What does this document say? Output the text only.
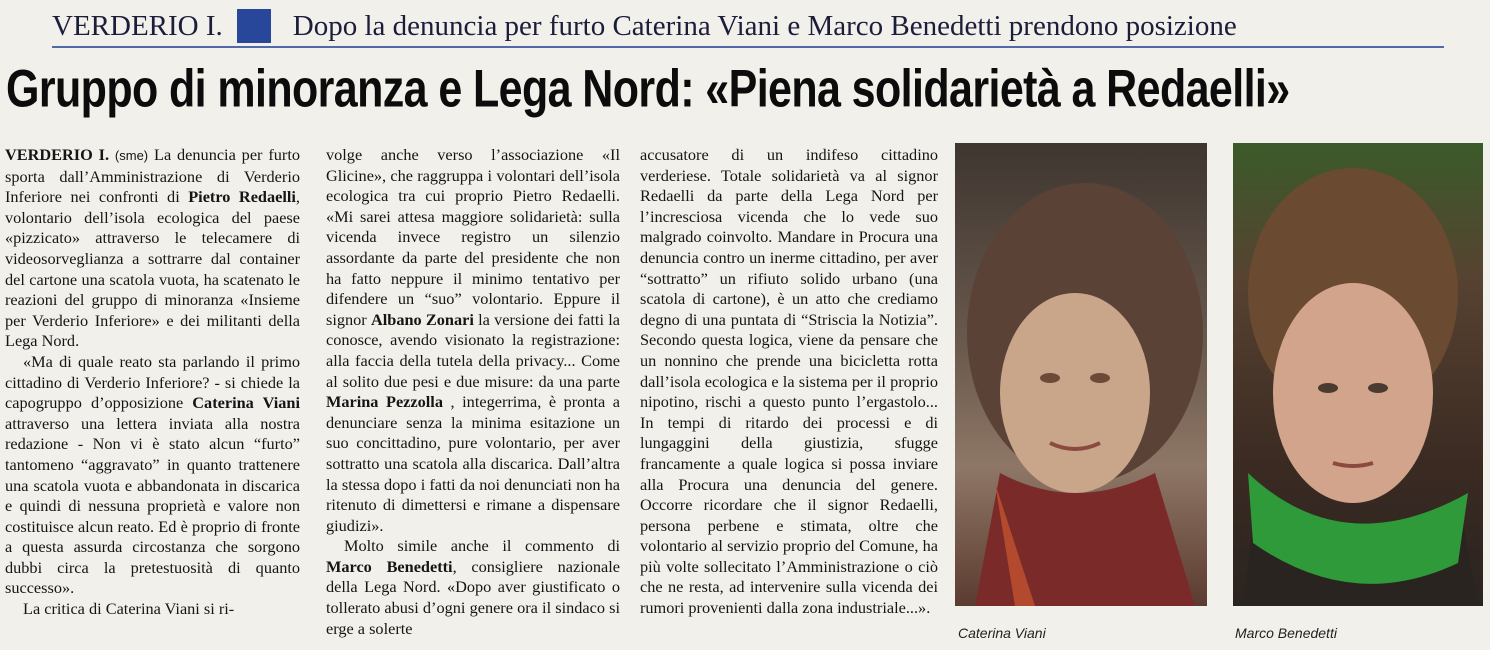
VERDERIO I. Dopo la denuncia per furto Caterina Viani e Marco Benedetti prendono posizione
Gruppo di minoranza e Lega Nord: «Piena solidarietà a Redaelli»

VERDERIO I. (sme) La denuncia per furto sporta dall’Amministrazione di Verderio Inferiore nei confronti di Pietro Redaelli, volontario dell’isola ecologica del paese «pizzicato» attraverso le telecamere di videosorveglianza a sottrarre dal container del cartone una scatola vuota, ha scatenato le reazioni del gruppo di minoranza «Insieme per Verderio Inferiore» e dei militanti della Lega Nord.

«Ma di quale reato sta parlando il primo cittadino di Verderio Inferiore? - si chiede la capogruppo d’opposizione Caterina Viani attraverso una lettera inviata alla nostra redazione - Non vi è stato alcun “furto” tantomeno “aggravato” in quanto trattenere una scatola vuota e abbandonata in discarica e quindi di nessuna proprietà e valore non costituisce alcun reato. Ed è proprio di fronte a questa assurda circostanza che sorgono dubbi circa la pretestuosità di quanto successo».

La critica di Caterina Viani si ri-

volge anche verso l’associazione «Il Glicine», che raggruppa i volontari dell’isola ecologica tra cui proprio Pietro Redaelli. «Mi sarei attesa maggiore solidarietà: sulla vicenda invece registro un silenzio assordante da parte del presidente che non ha fatto neppure il minimo tentativo per difendere un “suo” volontario. Eppure il signor Albano Zonari la versione dei fatti la conosce, avendo visionato la registrazione: alla faccia della tutela della privacy... Come al solito due pesi e due misure: da una parte Marina Pezzolla , integerrima, è pronta a denunciare senza la minima esitazione un suo concittadino, pure volontario, per aver sottratto una scatola alla discarica. Dall’altra la stessa dopo i fatti da noi denunciati non ha ritenuto di dimettersi e rimane a dispensare giudizi».

Molto simile anche il commento di Marco Benedetti, consigliere nazionale della Lega Nord. «Dopo aver giustificato o tollerato abusi d’ogni genere ora il sindaco si erge a solerte

accusatore di un indifeso cittadino verderiese. Totale solidarietà va al signor Redaelli da parte della Lega Nord per l’incresciosa vicenda che lo vede suo malgrado coinvolto. Mandare in Procura una denuncia contro un inerme cittadino, per aver “sottratto” un rifiuto solido urbano (una scatola di cartone), è un atto che crediamo degno di una puntata di “Striscia la Notizia”. Secondo questa logica, viene da pensare che un nonnino che prende una bicicletta rotta dall’isola ecologica e la sistema per il proprio nipotino, rischi a questo punto l’ergastolo... In tempi di ritardo dei processi e di lungaggini della giustizia, sfugge francamente a quale logica si possa inviare alla Procura una denuncia del genere. Occorre ricordare che il signor Redaelli, persona perbene e stimata, oltre che volontario al servizio proprio del Comune, ha più volte sollecitato l’Amministrazione o ciò che ne resta, ad intervenire sulla vicenda dei rumori provenienti dalla zona industriale...».

Caterina Viani	Marco Benedetti
